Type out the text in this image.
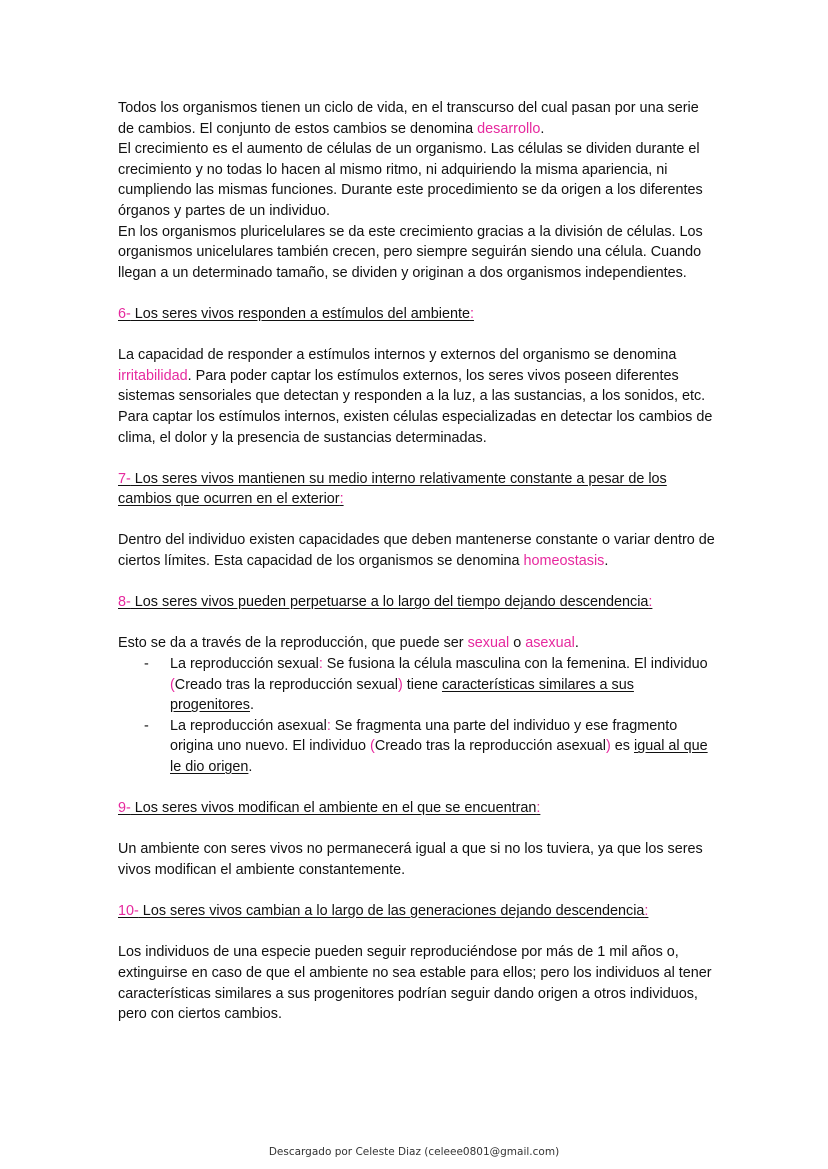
Todos los organismos tienen un ciclo de vida, en el transcurso del cual pasan por una serie de cambios. El conjunto de estos cambios se denomina desarrollo.

El crecimiento es el aumento de células de un organismo. Las células se dividen durante el crecimiento y no todas lo hacen al mismo ritmo, ni adquiriendo la misma apariencia, ni cumpliendo las mismas funciones. Durante este procedimiento se da origen a los diferentes órganos y partes de un individuo.

En los organismos pluricelulares se da este crecimiento gracias a la división de células. Los organismos unicelulares también crecen, pero siempre seguirán siendo una célula. Cuando llegan a un determinado tamaño, se dividen y originan a dos organismos independientes.

6- Los seres vivos responden a estímulos del ambiente:

La capacidad de responder a estímulos internos y externos del organismo se denomina irritabilidad. Para poder captar los estímulos externos, los seres vivos poseen diferentes sistemas sensoriales que detectan y responden a la luz, a las sustancias, a los sonidos, etc. Para captar los estímulos internos, existen células especializadas en detectar los cambios de clima, el dolor y la presencia de sustancias determinadas.

7- Los seres vivos mantienen su medio interno relativamente constante a pesar de los cambios que ocurren en el exterior:

Dentro del individuo existen capacidades que deben mantenerse constante o variar dentro de ciertos límites. Esta capacidad de los organismos se denomina homeostasis.

8- Los seres vivos pueden perpetuarse a lo largo del tiempo dejando descendencia:

Esto se da a través de la reproducción, que puede ser sexual o asexual.

- La reproducción sexual: Se fusiona la célula masculina con la femenina. El individuo (Creado tras la reproducción sexual) tiene características similares a sus progenitores.
- La reproducción asexual: Se fragmenta una parte del individuo y ese fragmento origina uno nuevo. El individuo (Creado tras la reproducción asexual) es igual al que le dio origen.

9- Los seres vivos modifican el ambiente en el que se encuentran:

Un ambiente con seres vivos no permanecerá igual a que si no los tuviera, ya que los seres vivos modifican el ambiente constantemente.

10- Los seres vivos cambian a lo largo de las generaciones dejando descendencia:

Los individuos de una especie pueden seguir reproduciéndose por más de 1 mil años o, extinguirse en caso de que el ambiente no sea estable para ellos; pero los individuos al tener características similares a sus progenitores podrían seguir dando origen a otros individuos, pero con ciertos cambios.

Descargado por Celeste Diaz (celeee0801@gmail.com)
